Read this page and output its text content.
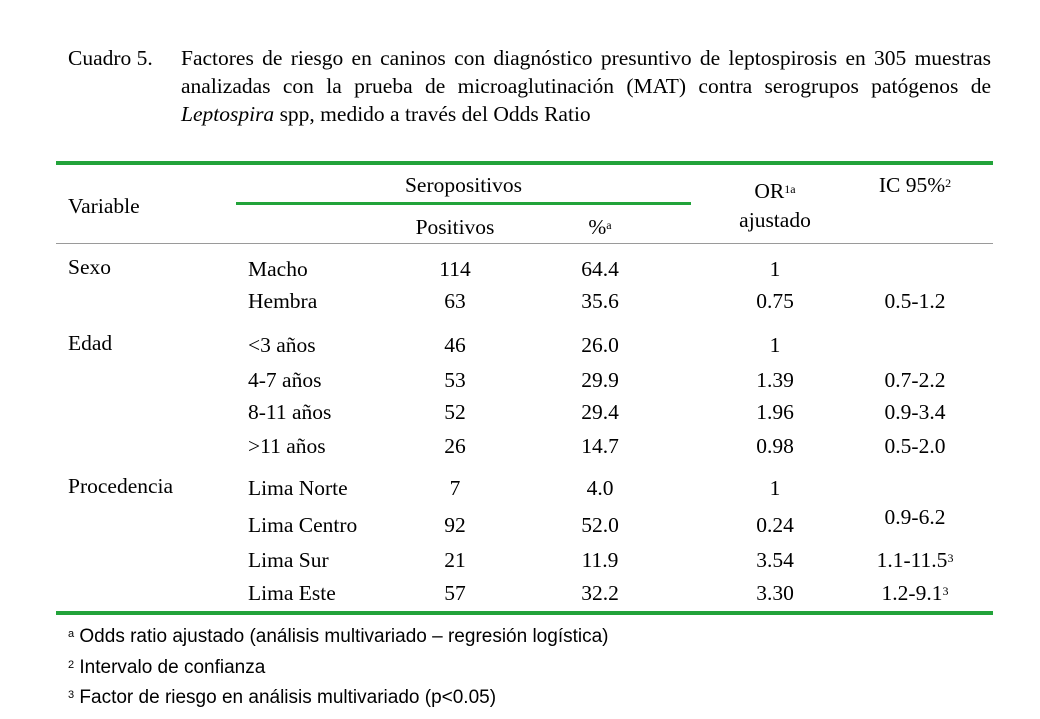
Cuadro 5. Factores de riesgo en caninos con diagnóstico presuntivo de leptospirosis en 305 muestras analizadas con la prueba de microaglutinación (MAT) contra serogrupos patógenos de Leptospira spp, medido a través del Odds Ratio
Variable
Seropositivos
Positivos	%$^a$
$OR^{1a}$
ajustado
IC 95%$^2$
Sexo	Macho	114	64.4	1
Hembra	63	35.6	0.75	0.5-1.2
Edad	<3 años	46	26.0	1
4-7 años	53	29.9	1.39	0.7-2.2
8-11 años	52	29.4	1.96	0.9-3.4
>11 años	26	14.7	0.98	0.5-2.0
Procedencia	Lima Norte	7	4.0	1
Lima Centro	92	52.0	0.24	0.9-6.2
Lima Sur	21	11.9	3.54	1.1-11.5$^3$
Lima Este	57	32.2	3.30	$1.2-9.1^3$
$^a$ Odds ratio ajustado (análisis multivariado – regresión logística)
$^2$ Intervalo de confianza
$^3$ Factor de riesgo en análisis multivariado (p<0.05)
